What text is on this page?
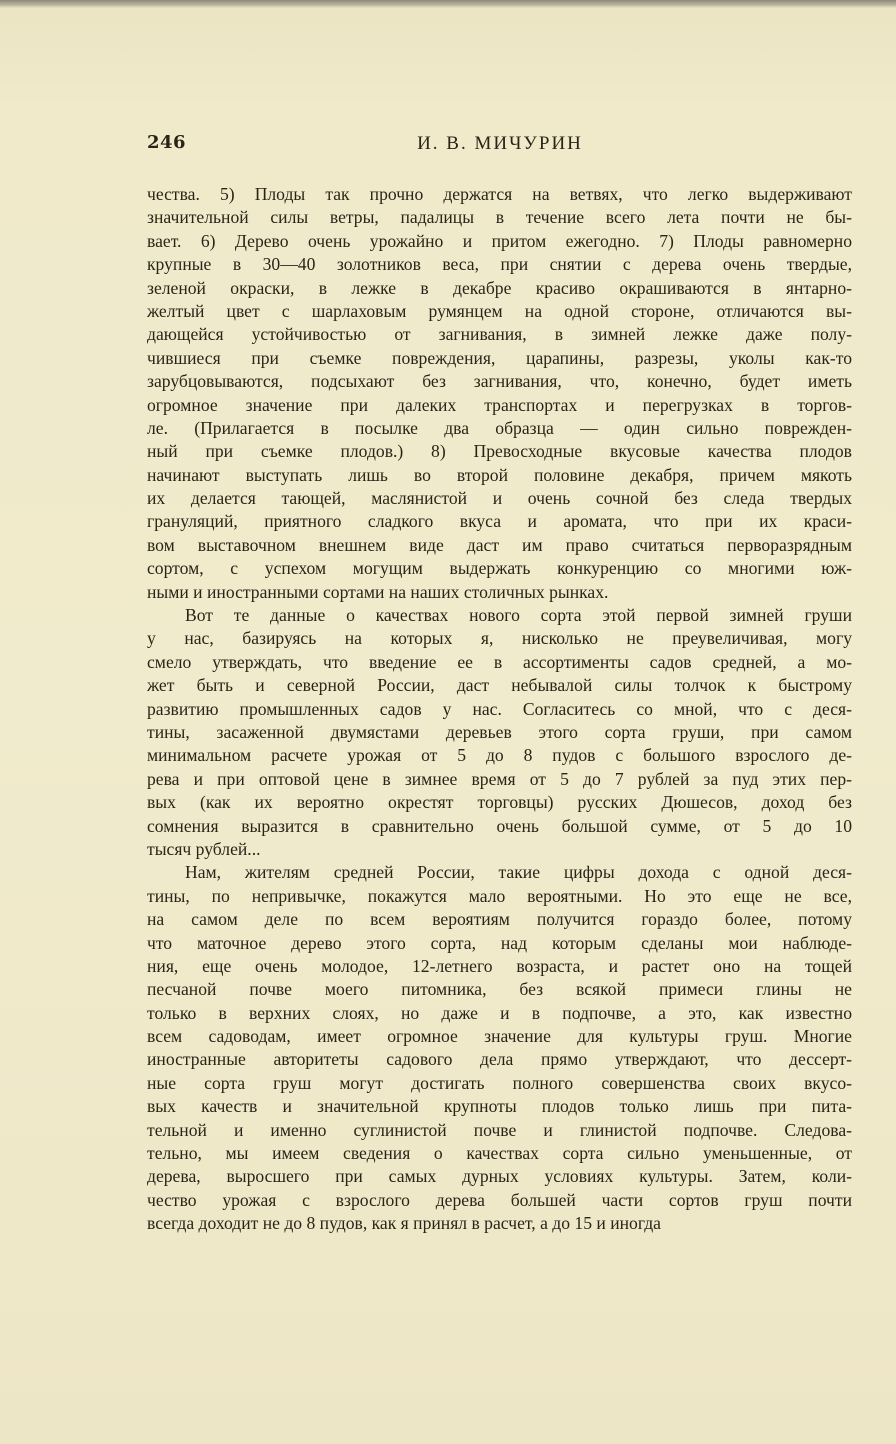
246	И. В. МИЧУРИН
чества. 5) Плоды так прочно держатся на ветвях, что легко выдерживают
значительной силы ветры, падалицы в течение всего лета почти не бы-
вает. 6) Дерево очень урожайно и притом ежегодно. 7) Плоды равномерно
крупные в 30—40 золотников веса, при снятии с дерева очень твердые,
зеленой окраски, в лежке в декабре красиво окрашиваются в янтарно-
желтый цвет с шарлаховым румянцем на одной стороне, отличаются вы-
дающейся устойчивостью от загнивания, в зимней лежке даже полу-
чившиеся при съемке повреждения, царапины, разрезы, уколы как-то
зарубцовываются, подсыхают без загнивания, что, конечно, будет иметь
огромное значение при далеких транспортах и перегрузках в торгов-
ле. (Прилагается в посылке два образца — один сильно поврежден-
ный при съемке плодов.) 8) Превосходные вкусовые качества плодов
начинают выступать лишь во второй половине декабря, причем мякоть
их делается тающей, маслянистой и очень сочной без следа твердых
грануляций, приятного сладкого вкуса и аромата, что при их краси-
вом выставочном внешнем виде даст им право считаться перворазрядным
сортом, с успехом могущим выдержать конкуренцию со многими юж-
ными и иностранными сортами на наших столичных рынках.
Вот те данные о качествах нового сорта этой первой зимней груши
у нас, базируясь на которых я, нисколько не преувеличивая, могу
смело утверждать, что введение ее в ассортименты садов средней, а мо-
жет быть и северной России, даст небывалой силы толчок к быстрому
развитию промышленных садов у нас. Согласитесь со мной, что с деся-
тины, засаженной двумястами деревьев этого сорта груши, при самом
минимальном расчете урожая от 5 до 8 пудов с большого взрослого де-
рева и при оптовой цене в зимнее время от 5 до 7 рублей за пуд этих пер-
вых (как их вероятно окрестят торговцы) русских Дюшесов, доход без
сомнения выразится в сравнительно очень большой сумме, от 5 до 10
тысяч рублей...
Нам, жителям средней России, такие цифры дохода с одной деся-
тины, по непривычке, покажутся мало вероятными. Но это еще не все,
на самом деле по всем вероятиям получится гораздо более, потому
что маточное дерево этого сорта, над которым сделаны мои наблюде-
ния, еще очень молодое, 12-летнего возраста, и растет оно на тощей
песчаной почве моего питомника, без всякой примеси глины не
только в верхних слоях, но даже и в подпочве, а это, как известно
всем садоводам, имеет огромное значение для культуры груш. Многие
иностранные авторитеты садового дела прямо утверждают, что дессерт-
ные сорта груш могут достигать полного совершенства своих вкусо-
вых качеств и значительной крупноты плодов только лишь при пита-
тельной и именно суглинистой почве и глинистой подпочве. Следова-
тельно, мы имеем сведения о качествах сорта сильно уменьшенные, от
дерева, выросшего при самых дурных условиях культуры. Затем, коли-
чество урожая с взрослого дерева большей части сортов груш почти
всегда доходит не до 8 пудов, как я принял в расчет, а до 15 и иногда
